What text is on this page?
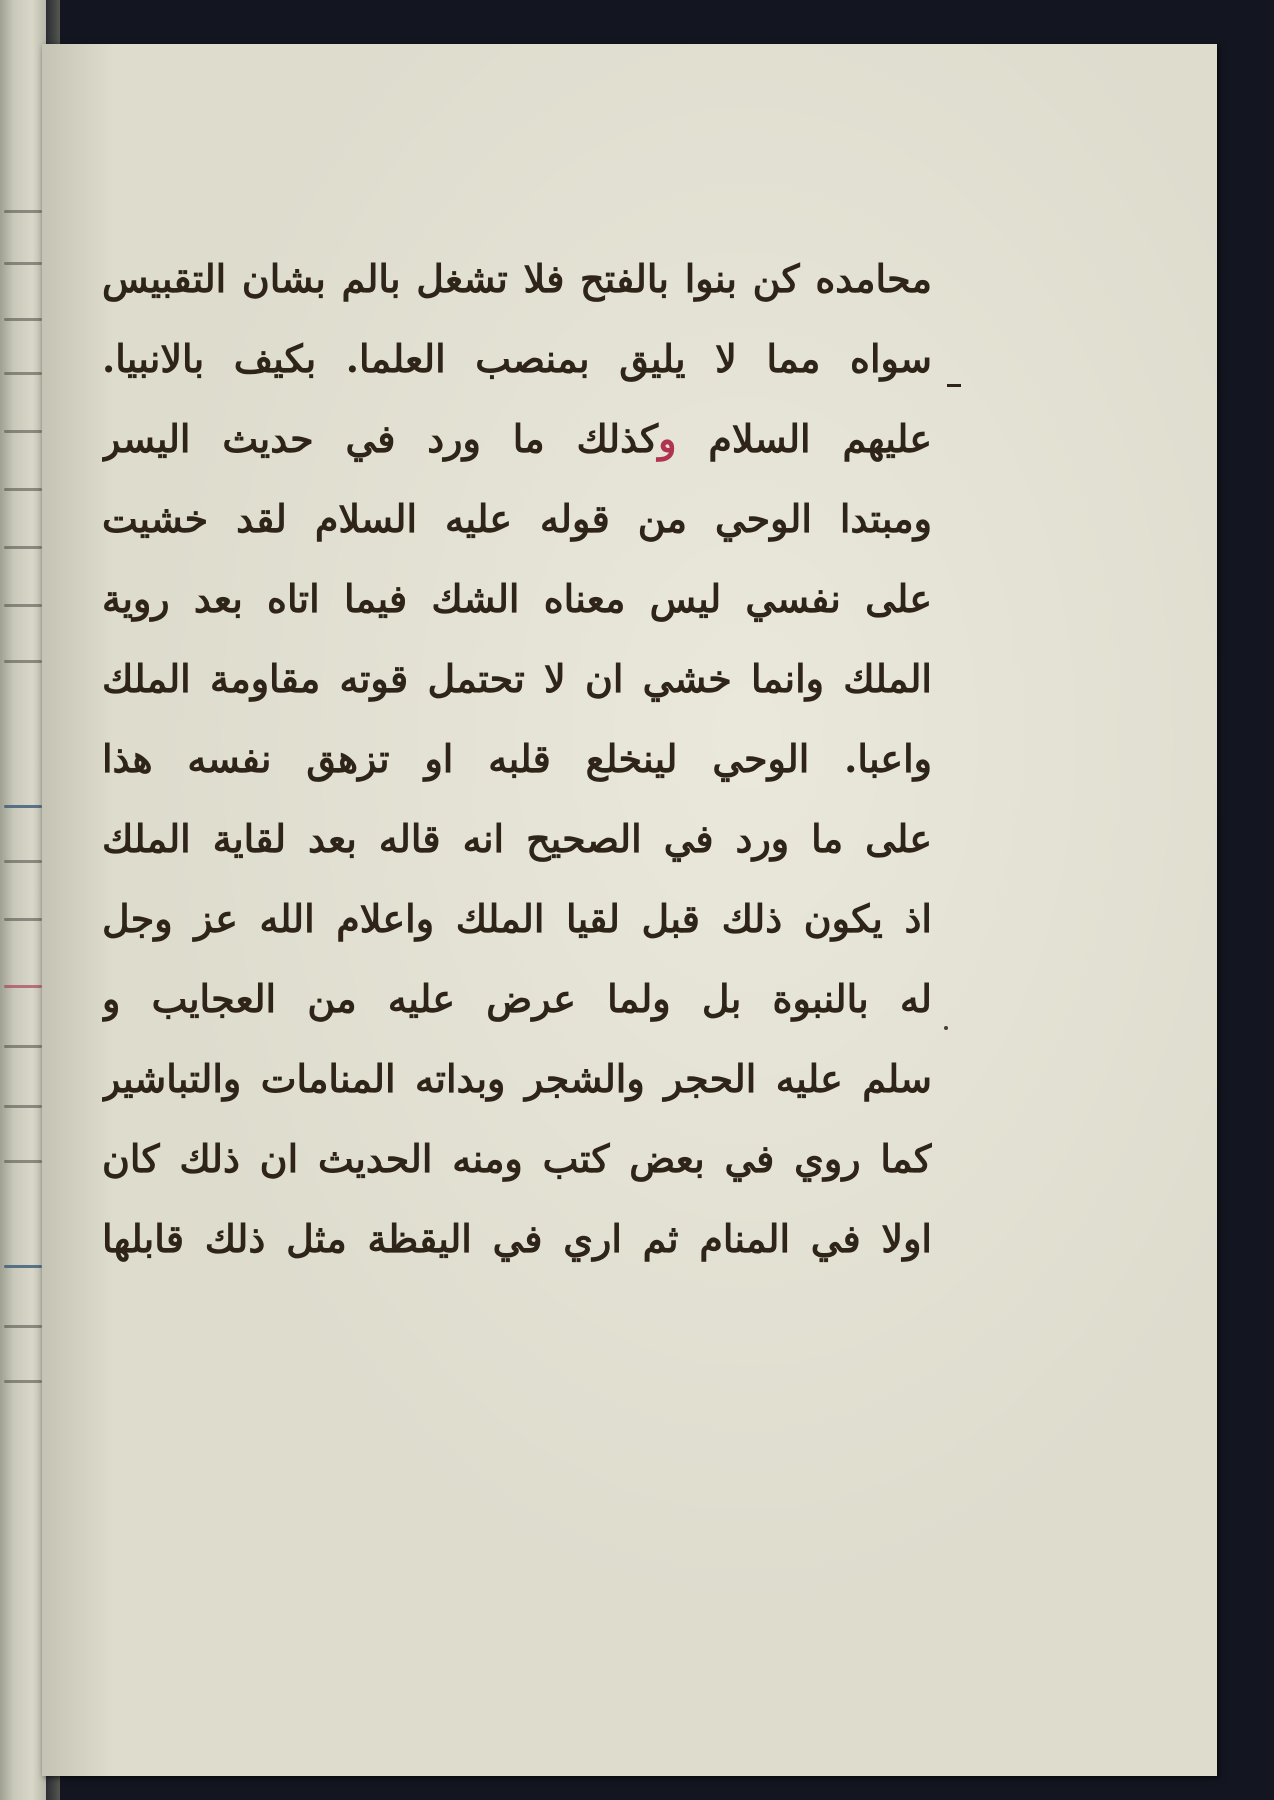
محامده كن بنوا بالفتح فلا تشغل بالم بشان التقبيس
سواه مما لا يليق بمنصب العلما. بكيف بالانبيا.
عليهم السلام وكذلك ما ورد في حديث اليسر
ومبتدا الوحي من قوله عليه السلام لقد خشيت
على نفسي ليس معناه الشك فيما اتاه بعد روية
الملك وانما خشي ان لا تحتمل قوته مقاومة الملك
واعبا. الوحي لينخلع قلبه او تزهق نفسه هذا
على ما ورد في الصحيح انه قاله بعد لقاية الملك
اذ يكون ذلك قبل لقيا الملك واعلام الله عز وجل
له بالنبوة بل ولما عرض عليه من العجايب و
سلم عليه الحجر والشجر وبداته المنامات والتباشير
كما روي في بعض كتب ومنه الحديث ان ذلك كان
اولا في المنام ثم اري في اليقظة مثل ذلك قابلها
